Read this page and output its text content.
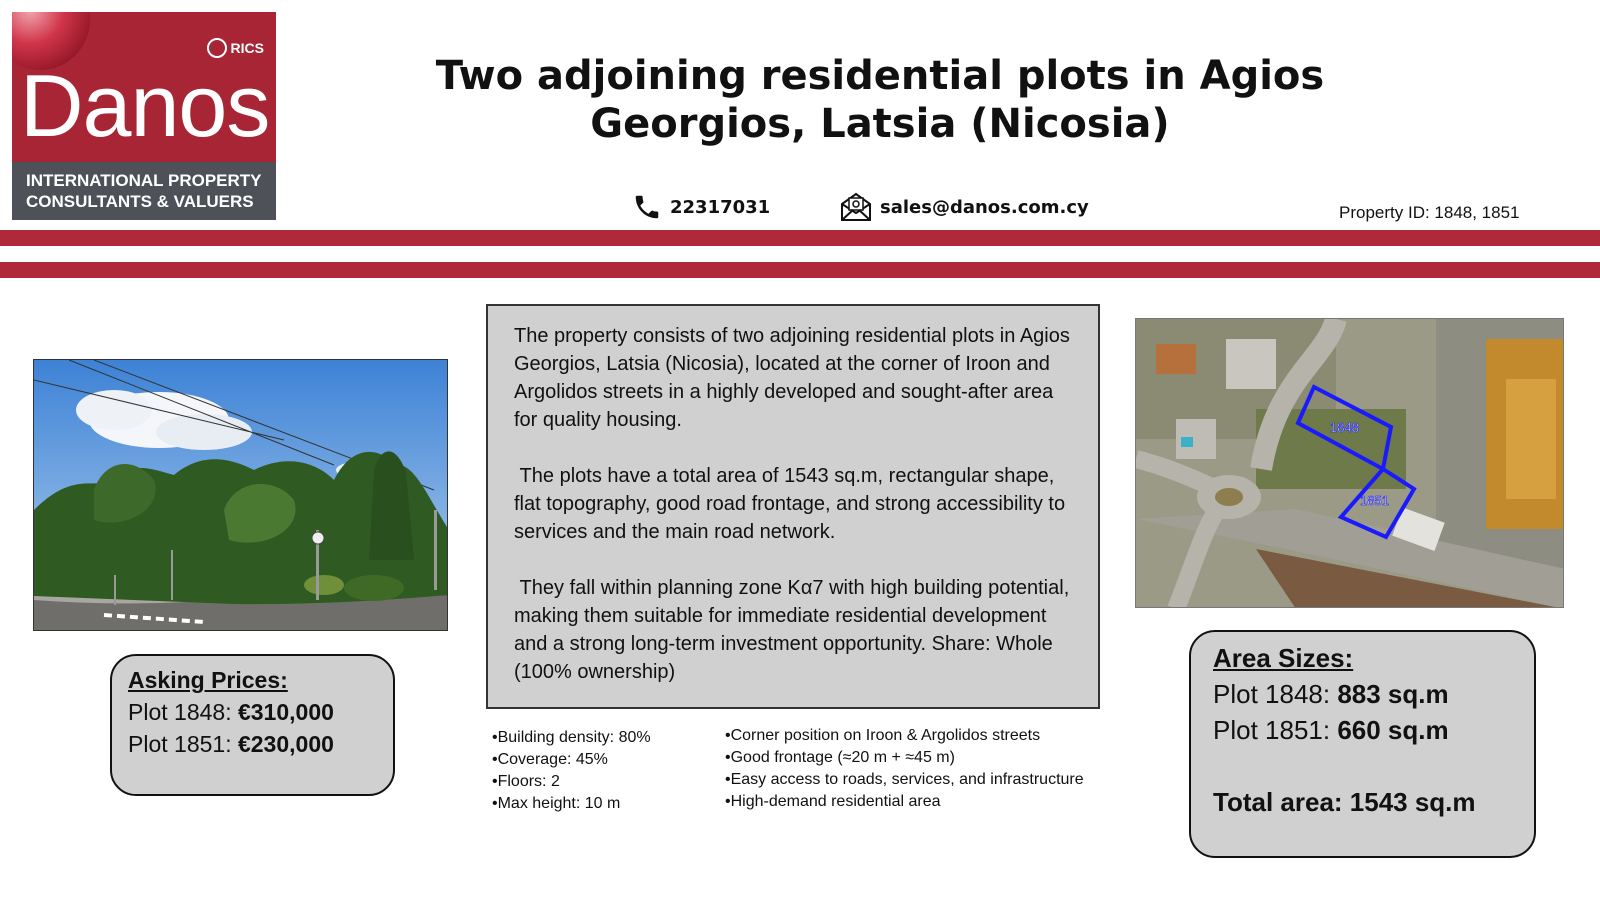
RICS
Danos
INTERNATIONAL PROPERTY
CONSULTANTS & VALUERS
Two adjoining residential plots in Agios
Georgios, Latsia (Nicosia)
22317031	sales@danos.com.cy	Property ID: 1848, 1851

The property consists of two adjoining residential plots in Agios Georgios, Latsia (Nicosia), located at the corner of Iroon and Argolidos streets in a highly developed and sought-after area for quality housing.

The plots have a total area of 1543 sq.m, rectangular shape, flat topography, good road frontage, and strong accessibility to services and the main road network.

They fall within planning zone Kα7 with high building potential, making them suitable for immediate residential development and a strong long-term investment opportunity. Share: Whole (100% ownership)

1848
1851
Asking Prices:
Plot 1848: €310,000
Plot 1851: €230,000	•Building density: 80%
•Coverage: 45%
•Floors: 2
•Max height: 10 m
•Corner position on Iroon & Argolidos streets
•Good frontage (≈20 m + ≈45 m)
•Easy access to roads, services, and infrastructure
•High-demand residential area
Area Sizes:
Plot 1848: 883 sq.m
Plot 1851: 660 sq.m
Total area: 1543 sq.m
